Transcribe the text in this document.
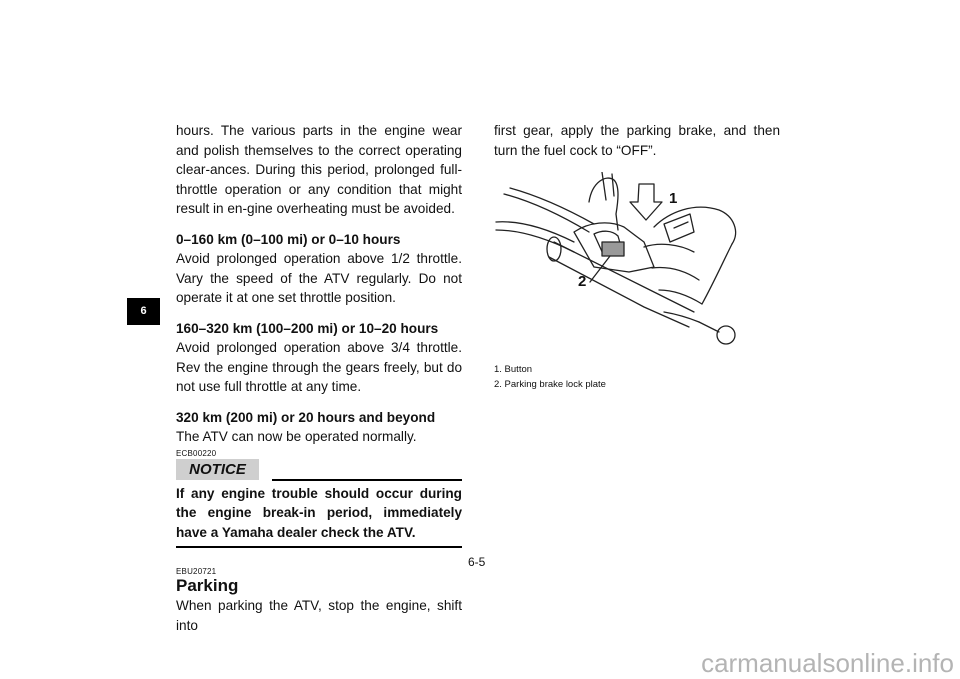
6

hours. The various parts in the engine wear and polish themselves to the correct operating clear-ances. During this period, prolonged full-throttle operation or any condition that might result in en-gine overheating must be avoided.

0–160 km (0–100 mi) or 0–10 hours

Avoid prolonged operation above 1/2 throttle. Vary the speed of the ATV regularly. Do not operate it at one set throttle position.

160–320 km (100–200 mi) or 10–20 hours

Avoid prolonged operation above 3/4 throttle. Rev the engine through the gears freely, but do not use full throttle at any time.

320 km (200 mi) or 20 hours and beyond

The ATV can now be operated normally.

ECB00220
NOTICE

If any engine trouble should occur during the engine break-in period, immediately have a Yamaha dealer check the ATV.

EBU20721
Parking

When parking the ATV, stop the engine, shift into

first gear, apply the parking brake, and then turn the fuel cock to “OFF”.

1
2
1. Button
2. Parking brake lock plate
6-5
carmanualsonline.info
